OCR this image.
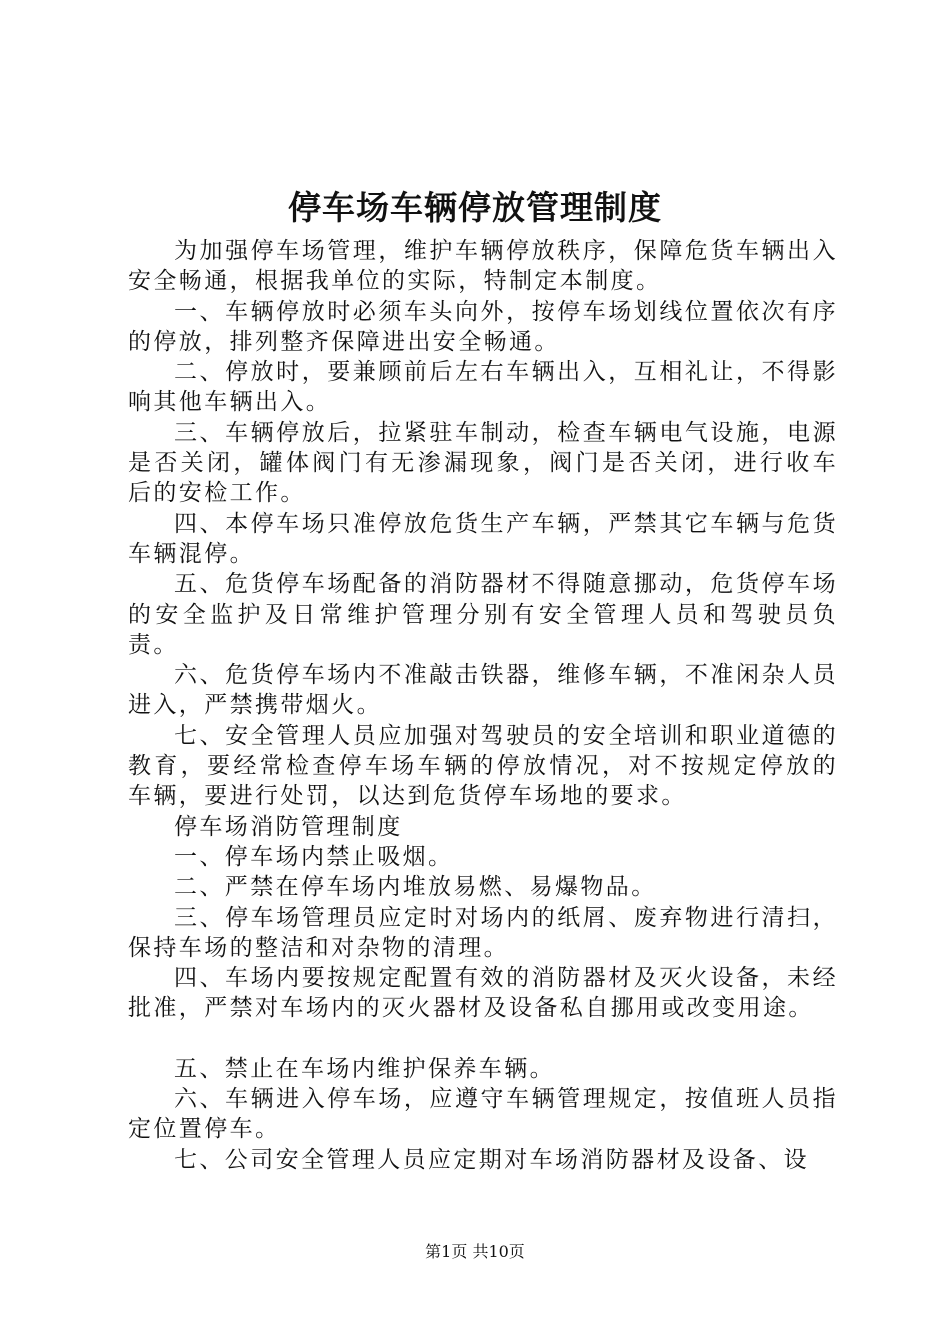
停车场车辆停放管理制度

为加强停车场管理，维护车辆停放秩序，保障危货车辆出入安全畅通，根据我单位的实际，特制定本制度。

一、车辆停放时必须车头向外，按停车场划线位置依次有序的停放，排列整齐保障进出安全畅通。

二、停放时，要兼顾前后左右车辆出入，互相礼让，不得影响其他车辆出入。

三、车辆停放后，拉紧驻车制动，检查车辆电气设施，电源是否关闭，罐体阀门有无渗漏现象，阀门是否关闭，进行收车后的安检工作。

四、本停车场只准停放危货生产车辆，严禁其它车辆与危货车辆混停。

五、危货停车场配备的消防器材不得随意挪动，危货停车场的安全监护及日常维护管理分别有安全管理人员和驾驶员负责。

六、危货停车场内不准敲击铁器，维修车辆，不准闲杂人员进入，严禁携带烟火。

七、安全管理人员应加强对驾驶员的安全培训和职业道德的教育，要经常检查停车场车辆的停放情况，对不按规定停放的车辆，要进行处罚，以达到危货停车场地的要求。

停车场消防管理制度

一、停车场内禁止吸烟。

二、严禁在停车场内堆放易燃、易爆物品。

三、停车场管理员应定时对场内的纸屑、废弃物进行清扫，保持车场的整洁和对杂物的清理。

四、车场内要按规定配置有效的消防器材及灭火设备，未经批准，严禁对车场内的灭火器材及设备私自挪用或改变用途。

五、禁止在车场内维护保养车辆。

六、车辆进入停车场，应遵守车辆管理规定，按值班人员指定位置停车。

七、公司安全管理人员应定期对车场消防器材及设备、设

第1页 共10页
